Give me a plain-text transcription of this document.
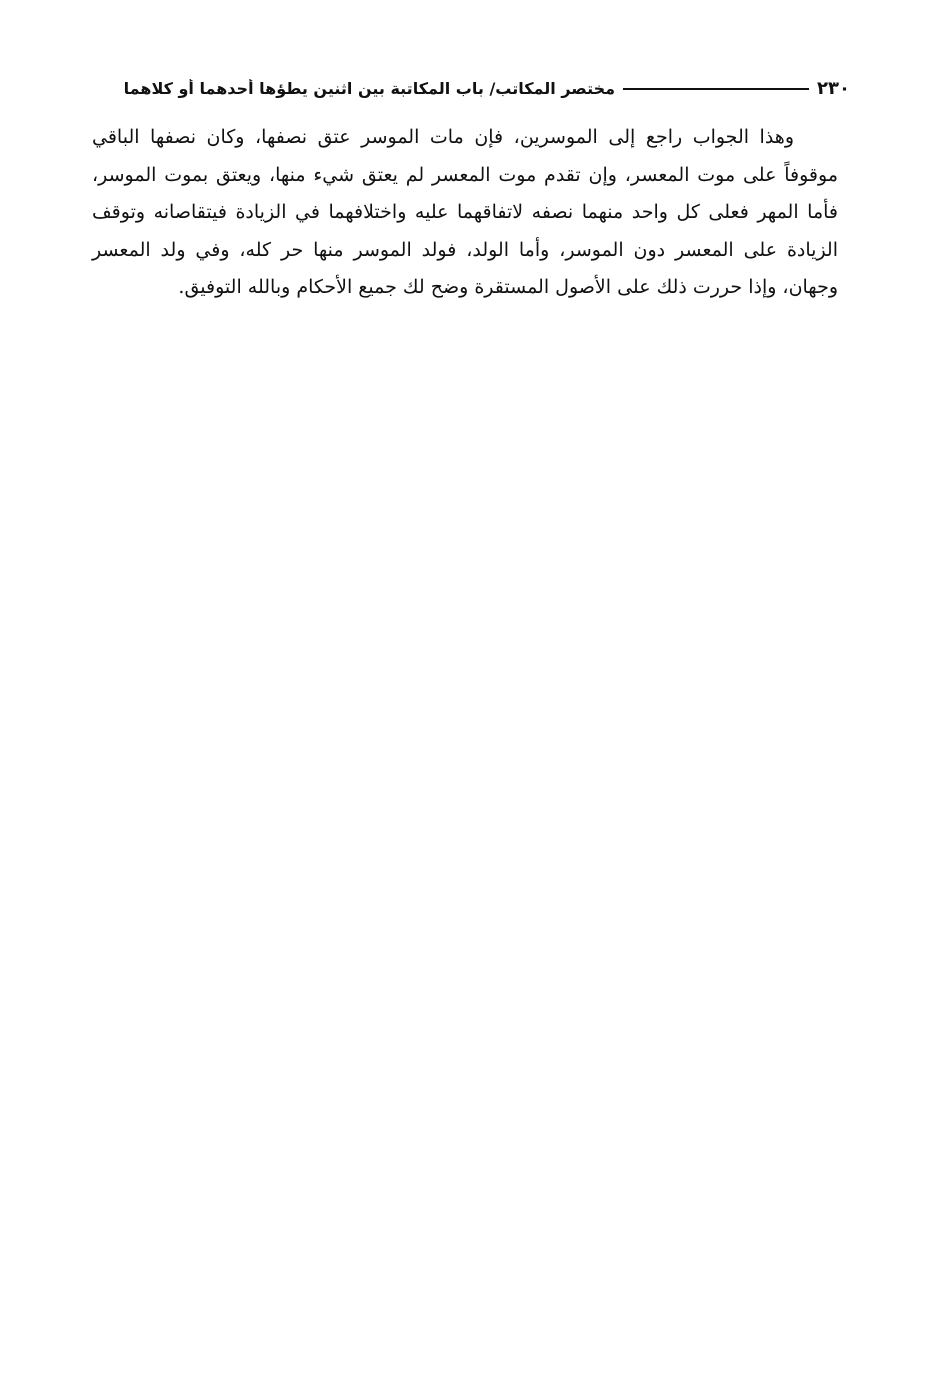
٢٣٠
مختصر المكاتب/ باب المكاتبة بين اثنين يطؤها أحدهما أو كلاهما

وهذا الجواب راجع إلى الموسرين، فإن مات الموسر عتق نصفها، وكان نصفها الباقي موقوفاً على موت المعسر، وإن تقدم موت المعسر لم يعتق شيء منها، ويعتق بموت الموسر، فأما المهر فعلى كل واحد منهما نصفه لاتفاقهما عليه واختلافهما في الزيادة فيتقاصانه وتوقف الزيادة على المعسر دون الموسر، وأما الولد، فولد الموسر منها حر كله، وفي ولد المعسر وجهان، وإذا حررت ذلك على الأصول المستقرة وضح لك جميع الأحكام وبالله التوفيق.
